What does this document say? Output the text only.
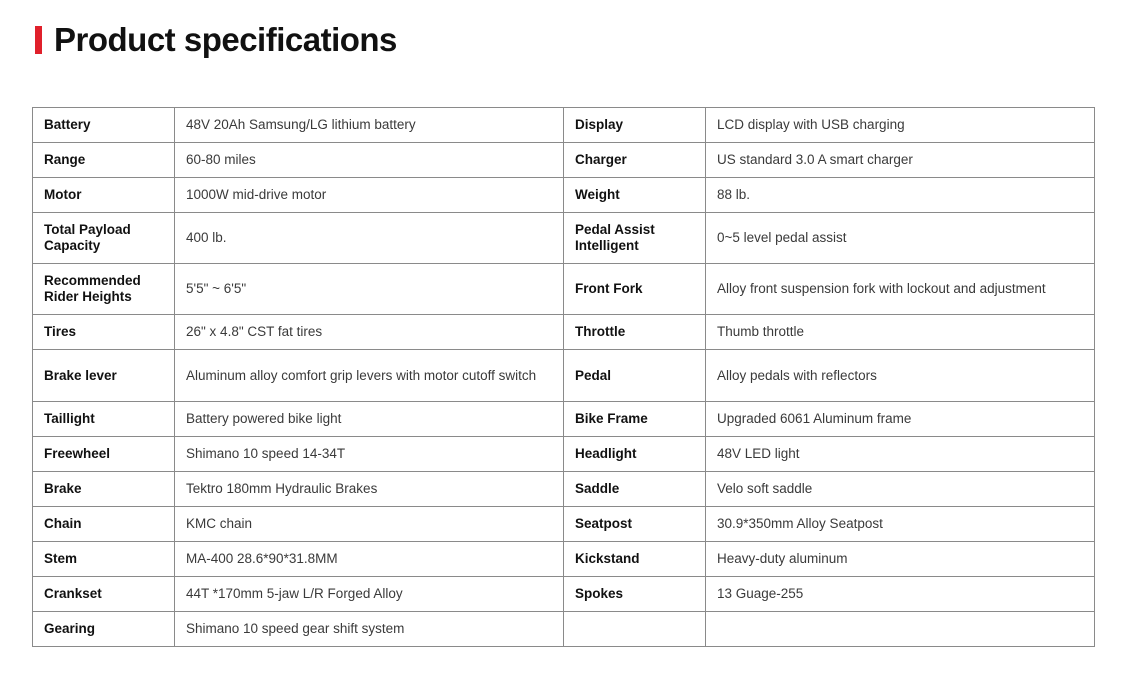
Product specifications
Battery	48V 20Ah Samsung/LG lithium battery	Display	LCD display with USB charging
Range	60-80 miles	Charger	US standard 3.0 A smart charger
Motor	1000W mid-drive motor	Weight	88 lb.
Total Payload Capacity	400 lb.	Pedal Assist Intelligent	0~5 level pedal assist
Recommended Rider Heights	5'5" ~ 6'5"	Front Fork	Alloy front suspension fork with lockout and adjustment
Tires	26" x 4.8" CST fat tires	Throttle	Thumb throttle
Brake lever	Aluminum alloy comfort grip levers with motor cutoff switch	Pedal	Alloy pedals with reflectors
Taillight	Battery powered bike light	Bike Frame	Upgraded 6061 Aluminum frame
Freewheel	Shimano 10 speed 14-34T	Headlight	48V LED light
Brake	Tektro 180mm Hydraulic Brakes	Saddle	Velo soft saddle
Chain	KMC chain	Seatpost	30.9*350mm Alloy Seatpost
Stem	MA-400 28.6*90*31.8MM	Kickstand	Heavy-duty aluminum
Crankset	44T *170mm 5-jaw L/R Forged Alloy	Spokes	13 Guage-255
Gearing	Shimano 10 speed gear shift system		
